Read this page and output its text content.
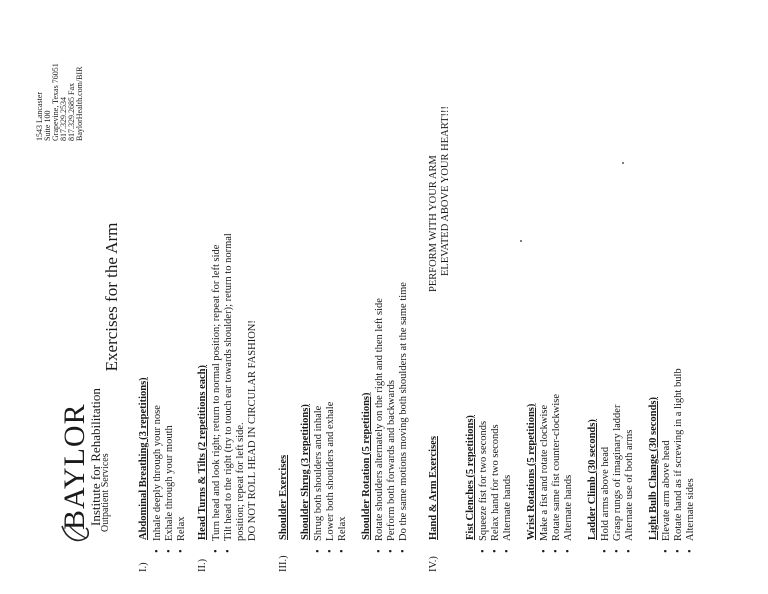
BAYLOR
Institute for Rehabilitation
Outpatient Services
1543 Lancaster Suite 100 Grapevine, Texas 76051 817.329.2534 817.329.2685 Fax BaylorHealth.com/BIR
Exercises for the Arm
I.)
Abdominal Breathing (3 repetitions) • Inhale deeply through your nose • Exhale through your mouth • Relax
II.)
Head Turns & Tilts (2 repetitions each) • Turn head and look right; return to normal position; repeat for left side • Tilt head to the right (try to touch ear towards shoulder); return to normal position; repeat for left side. DO NOT ROLL HEAD IN CIRCULAR FASHION!
III.)
Shoulder Exercises Shoulder Shrug (3 repetitions) • Shrug both shoulders and inhale • Lower both shoulders and exhale • Relax Shoulder Rotation (5 repetitions) • Rotate shoulders alternately on the right and then left side • Perform both forwards and backwards • Do the same motions moving both shoulders at the same time
IV.)
Hand & Arm Exercises
PERFORM WITH YOUR ARM ELEVATED ABOVE YOUR HEART!!!
Fist Clenches (5 repetitions) • Squeeze fist for two seconds • Relax hand for two seconds • Alternate hands Wrist Rotations (5 repetitions) • Make a fist and rotate clockwise • Rotate same fist counter-clockwise • Alternate hands Ladder Climb (30 seconds) • Hold arms above head • Grasp rungs of imaginary ladder • Alternate use of both arms Light Bulb Change (30 seconds) • Elevate arm above head • Rotate hand as if screwing in a light bulb • Alternate sides
